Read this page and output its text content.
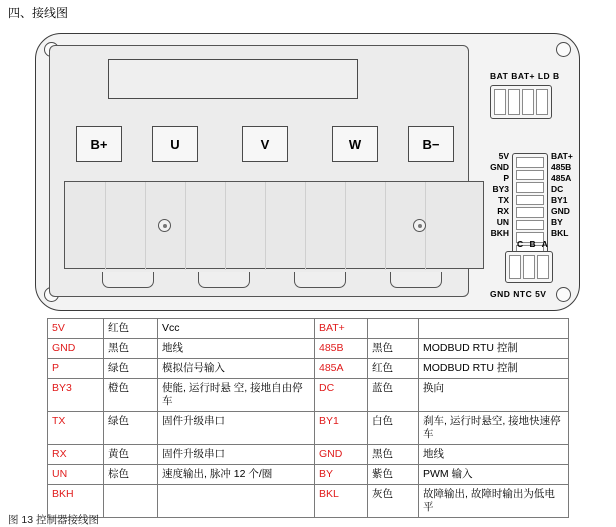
四、接线图
B+	U	V	W	B−
BAT BAT+ LD B
5V
GND
P
BY3
TX
RX
UN
BKH
BAT+
485B
485A
DC
BY1
GND
BY
BKL
C B A
GND NTC 5V
5V	红色	Vcc	BAT+		
GND	黑色	地线	485B	黑色	MODBUD RTU 控制
P	绿色	模拟信号输入	485A	红色	MODBUD RTU 控制
BY3	橙色	使能, 运行时悬 空, 接地自由停车	DC	蓝色	换向
TX	绿色	固件升级串口	BY1	白色	刹车, 运行时悬空, 接地快速停车
RX	黄色	固件升级串口	GND	黑色	地线
UN	棕色	速度输出, 脉冲 12 个/圈	BY	紫色	PWM 输入
BKH			BKL	灰色	故障输出, 故障时输出为低电平
图 13 控制器接线图
